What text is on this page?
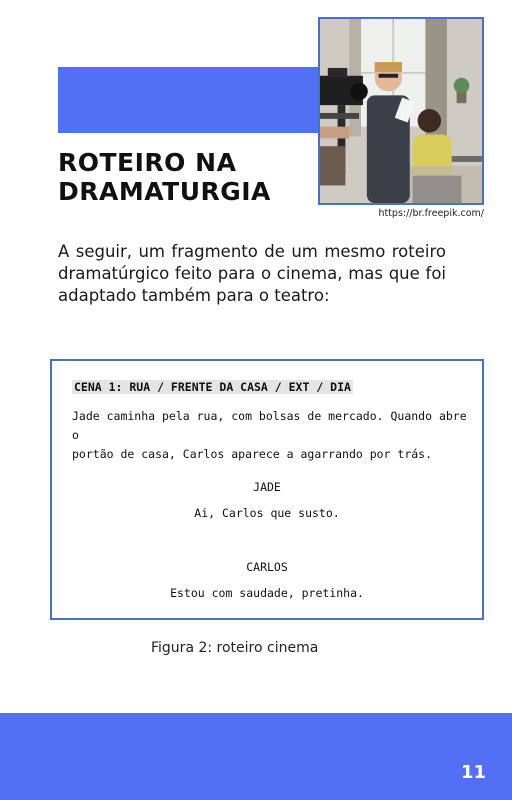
https://br.freepik.com/
ROTEIRO NA
DRAMATURGIA
A seguir, um fragmento de um mesmo roteiro dramatúrgico feito para o cinema, mas que foi adaptado também para o teatro:
CENA 1: RUA / FRENTE DA CASA / EXT / DIA
Jade caminha pela rua, com bolsas de mercado. Quando abre o
portão de casa, Carlos aparece a agarrando por trás.
JADE
Ai, Carlos que susto.
CARLOS
Estou com saudade, pretinha.
Figura 2: roteiro cinema
11
